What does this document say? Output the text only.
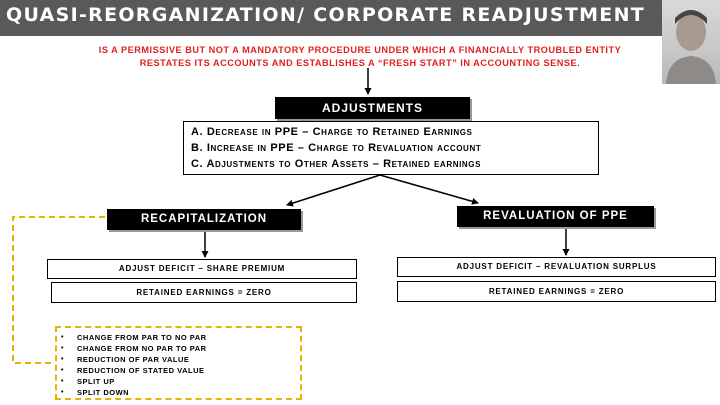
QUASI-REORGANIZATION/ CORPORATE READJUSTMENT
IS A PERMISSIVE BUT NOT A MANDATORY PROCEDURE UNDER WHICH A FINANCIALLY TROUBLED ENTITY
RESTATES ITS ACCOUNTS AND ESTABLISHES A “FRESH START” IN ACCOUNTING SENSE.
ADJUSTMENTS
A. Decrease in PPE – Charge to Retained Earnings
B. Increase in PPE – Charge to Revaluation account
C. Adjustments to Other Assets – Retained earnings
RECAPITALIZATION	REVALUATION OF PPE
ADJUST DEFICIT – SHARE PREMIUM
RETAINED EARNINGS = ZERO
ADJUST DEFICIT – REVALUATION SURPLUS
RETAINED EARNINGS = ZERO
• CHANGE FROM PAR TO NO PAR
• CHANGE FROM NO PAR TO PAR
• REDUCTION OF PAR VALUE
• REDUCTION OF STATED VALUE
• SPLIT UP
• SPLIT DOWN
